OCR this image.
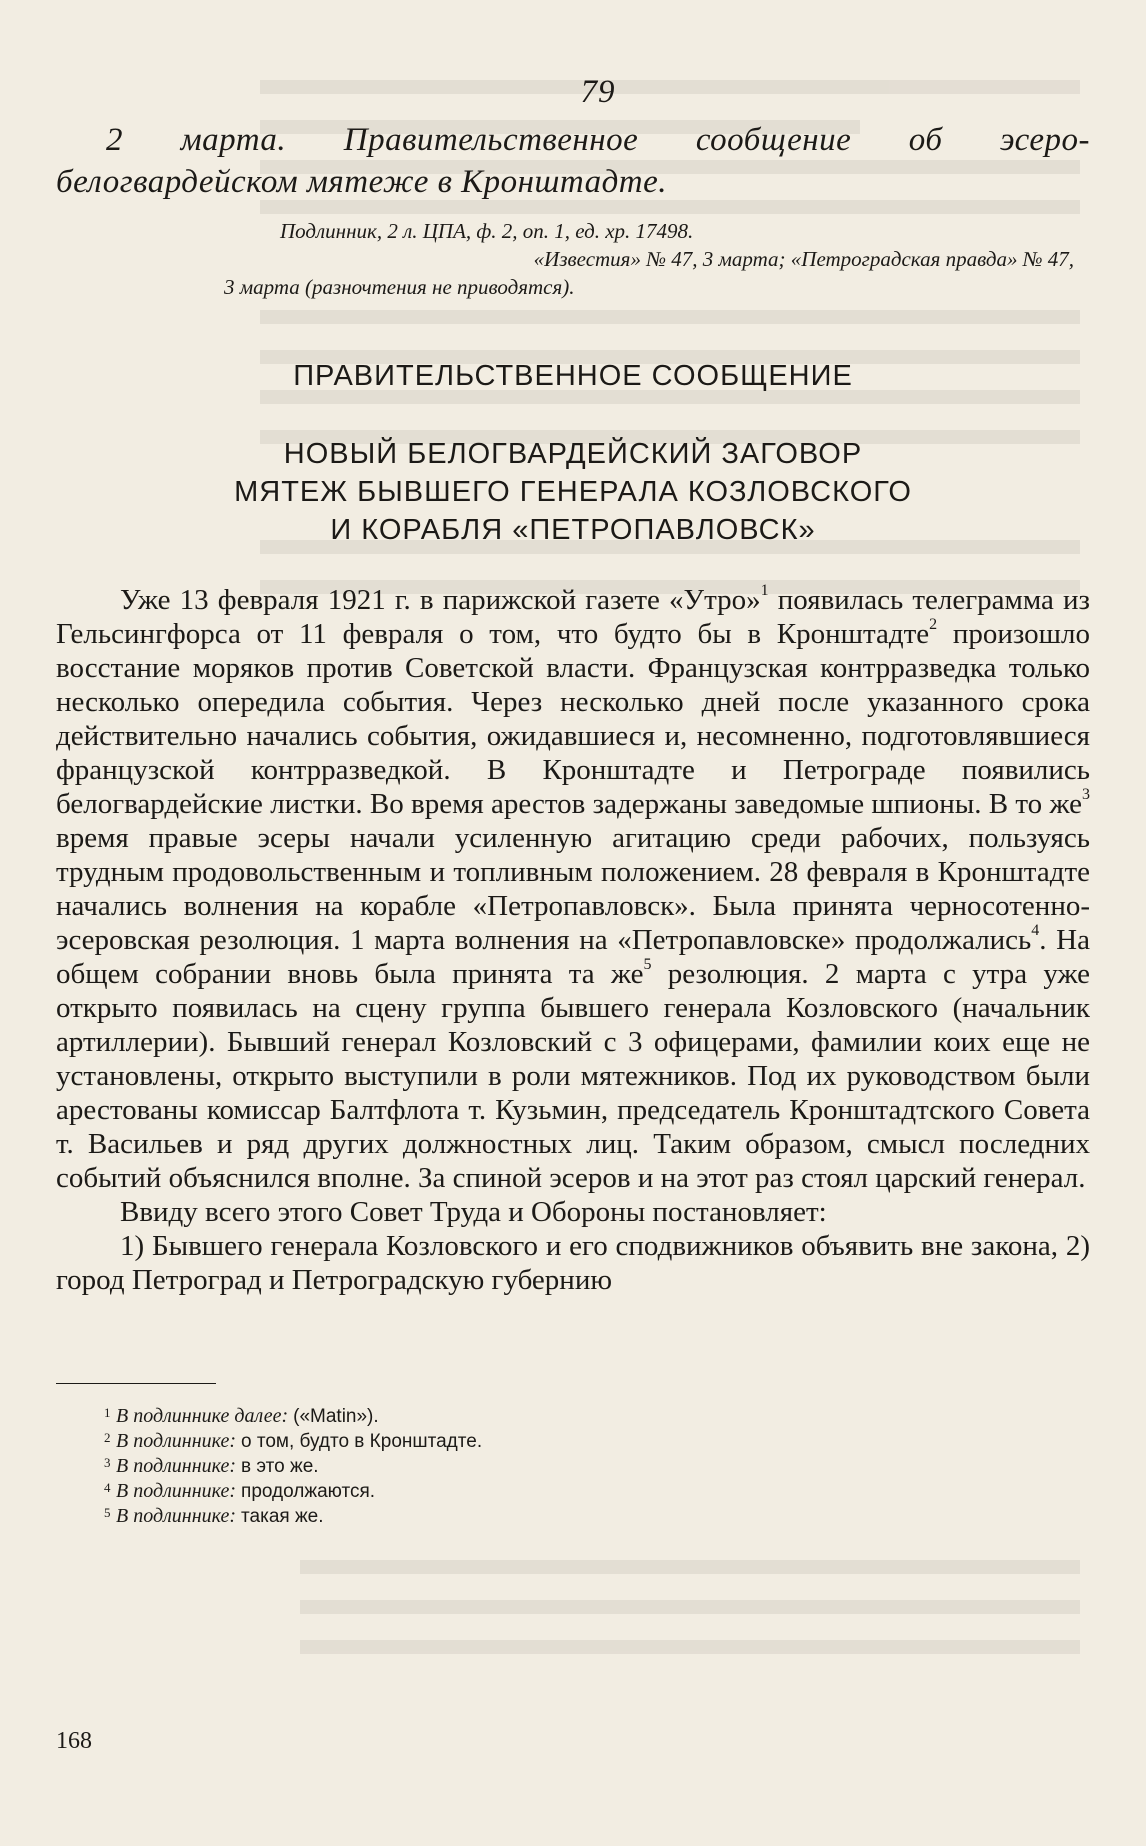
79
2 марта. Правительственное сообщение об эсеро-
белогвардейском мятеже в Кронштадте.
Подлинник, 2 л. ЦПА, ф. 2, оп. 1, ед. хр. 17498.
«Известия» № 47, 3 марта; «Петроградская правда» № 47,
3 марта (разночтения не приводятся).
ПРАВИТЕЛЬСТВЕННОЕ СООБЩЕНИЕ
НОВЫЙ БЕЛОГВАРДЕЙСКИЙ ЗАГОВОР
МЯТЕЖ БЫВШЕГО ГЕНЕРАЛА КОЗЛОВСКОГО
И КОРАБЛЯ «ПЕТРОПАВЛОВСК»

Уже 13 февраля 1921 г. в парижской газете «Утро»$^1$ появилась телеграмма из Гельсингфорса от 11 февраля о том, что будто бы в Кронштадте$^2$ произошло восстание моряков против Советской власти. Французская контрразведка только несколько опередила события. Через несколько дней после указанного срока действительно начались события, ожидавшиеся и, несомненно, подготовлявшиеся французской контрразведкой. В Кронштадте и Петрограде появились белогвардейские листки. Во время арестов задержаны заведомые шпионы. В то $же^3$ время правые эсеры начали усиленную агитацию среди рабочих, пользуясь трудным продовольственным и топливным положением. 28 февраля в Кронштадте начались волнения на корабле «Петропавловск». Была принята черносотенно-эсеровская резолюция. 1 марта волнения на «Петропавловске» продолжались$^4$. На общем собрании вновь была принята та $же^5$ резолюция. 2 марта с утра уже открыто появилась на сцену группа бывшего генерала Козловского (начальник артиллерии). Бывший генерал Козловский с 3 офицерами, фамилии коих еще не установлены, открыто выступили в роли мятежников. Под их руководством были арестованы комиссар Балтфлота т. Кузьмин, председатель Кронштадтского Совета т. Васильев и ряд других должностных лиц. Таким образом, смысл последних событий объяснился вполне. За спиной эсеров и на этот раз стоял царский генерал.

Ввиду всего этого Совет Труда и Обороны постановляет:

1) Бывшего генерала Козловского и его сподвижников объявить вне закона, 2) город Петроград и Петроградскую губернию

1 В подлиннике далее: («Matin»).
2 В подлиннике: о том, будто в Кронштадте.
3 В подлиннике: в это же.
4 В подлиннике: продолжаются.
5 В подлиннике: такая же.
168
